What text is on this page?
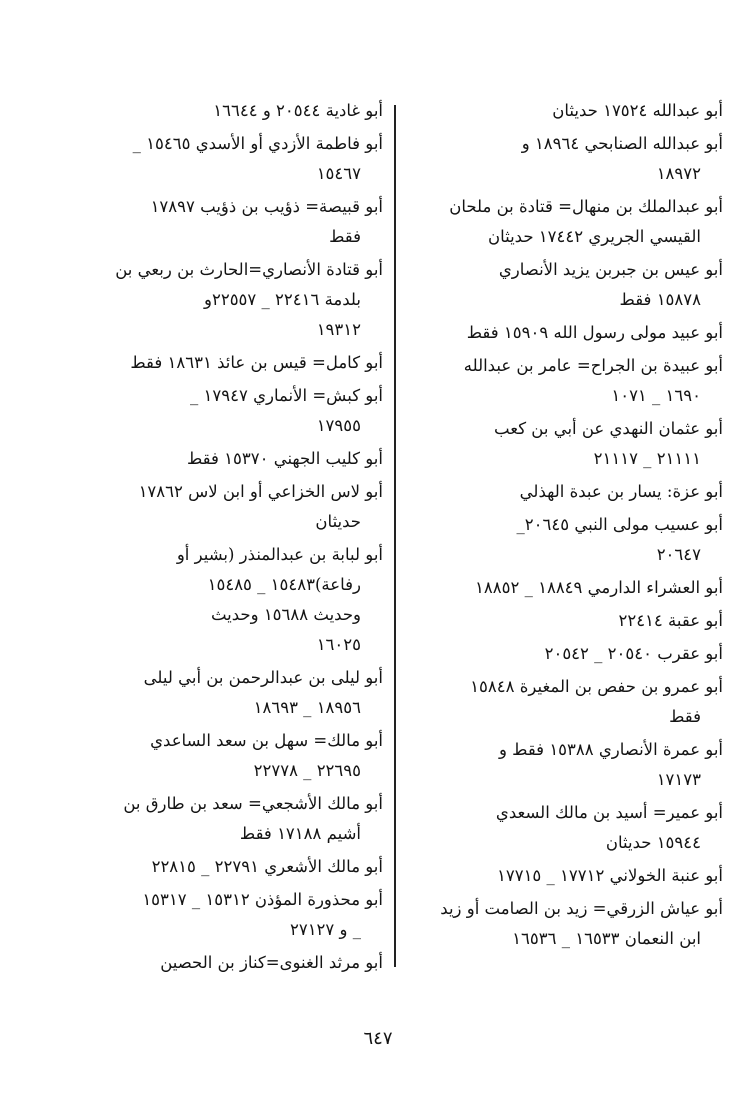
أبو عبدالله ١٧٥٢٤ حديثان
أبو عبدالله الصنابحي ١٨٩٦٤ و
١٨٩٧٢
أبو عبدالملك بن منهال= قتادة بن ملحان
القيسي الجريري ١٧٤٤٢ حديثان
أبو عيس بن جبربن يزيد الأنصاري
١٥٨٧٨ فقط
أبو عبيد مولى رسول الله ١٥٩٠٩ فقط
أبو عبيدة بن الجراح= عامر بن عبدالله
١٦٩٠ _ ١٠٧١
أبو عثمان النهدي عن أبي بن كعب
٢١١١١ _ ٢١١١٧
أبو عزة: يسار بن عبدة الهذلي
أبو عسيب مولى النبي ٢٠٦٤٥_
٢٠٦٤٧
أبو العشراء الدارمي ١٨٨٤٩ _ ١٨٨٥٢
أبو عقبة ٢٢٤١٤
أبو عقرب ٢٠٥٤٠ _ ٢٠٥٤٢
أبو عمرو بن حفص بن المغيرة ١٥٨٤٨
فقط
أبو عمرة الأنصاري ١٥٣٨٨ فقط و
١٧١٧٣
أبو عمير= أسيد بن مالك السعدي
١٥٩٤٤ حديثان
أبو عنبة الخولاني ١٧٧١٢ _ ١٧٧١٥
أبو عياش الزرقي= زيد بن الصامت أو زيد
ابن النعمان ١٦٥٣٣ _ ١٦٥٣٦
أبو غادية ٢٠٥٤٤ و ١٦٦٤٤
أبو فاطمة الأزدي أو الأسدي ١٥٤٦٥ _
١٥٤٦٧
أبو قبيصة= ذؤيب بن ذؤيب ١٧٨٩٧
فقط
أبو قتادة الأنصاري=الحارث بن ربعي بن
بلدمة ٢٢٤١٦ _ ٢٢٥٥٧و
١٩٣١٢
أبو كامل= قيس بن عائذ ١٨٦٣١ فقط
أبو كبش= الأنماري ١٧٩٤٧ _
١٧٩٥٥
أبو كليب الجهني ١٥٣٧٠ فقط
أبو لاس الخزاعي أو ابن لاس ١٧٨٦٢
حديثان
أبو لبابة بن عبدالمنذر (بشير أو
رفاعة)١٥٤٨٣ _ ١٥٤٨٥
وحديث ١٥٦٨٨ وحديث
١٦٠٢٥
أبو ليلى بن عبدالرحمن بن أبي ليلى
١٨٩٥٦ _ ١٨٦٩٣
أبو مالك= سهل بن سعد الساعدي
٢٢٦٩٥ _ ٢٢٧٧٨
أبو مالك الأشجعي= سعد بن طارق بن
أشيم ١٧١٨٨ فقط
أبو مالك الأشعري ٢٢٧٩١ _ ٢٢٨١٥
أبو محذورة المؤذن ١٥٣١٢ _ ١٥٣١٧
_ و ٢٧١٢٧
أبو مرثد الغنوى=كناز بن الحصين
٦٤٧
